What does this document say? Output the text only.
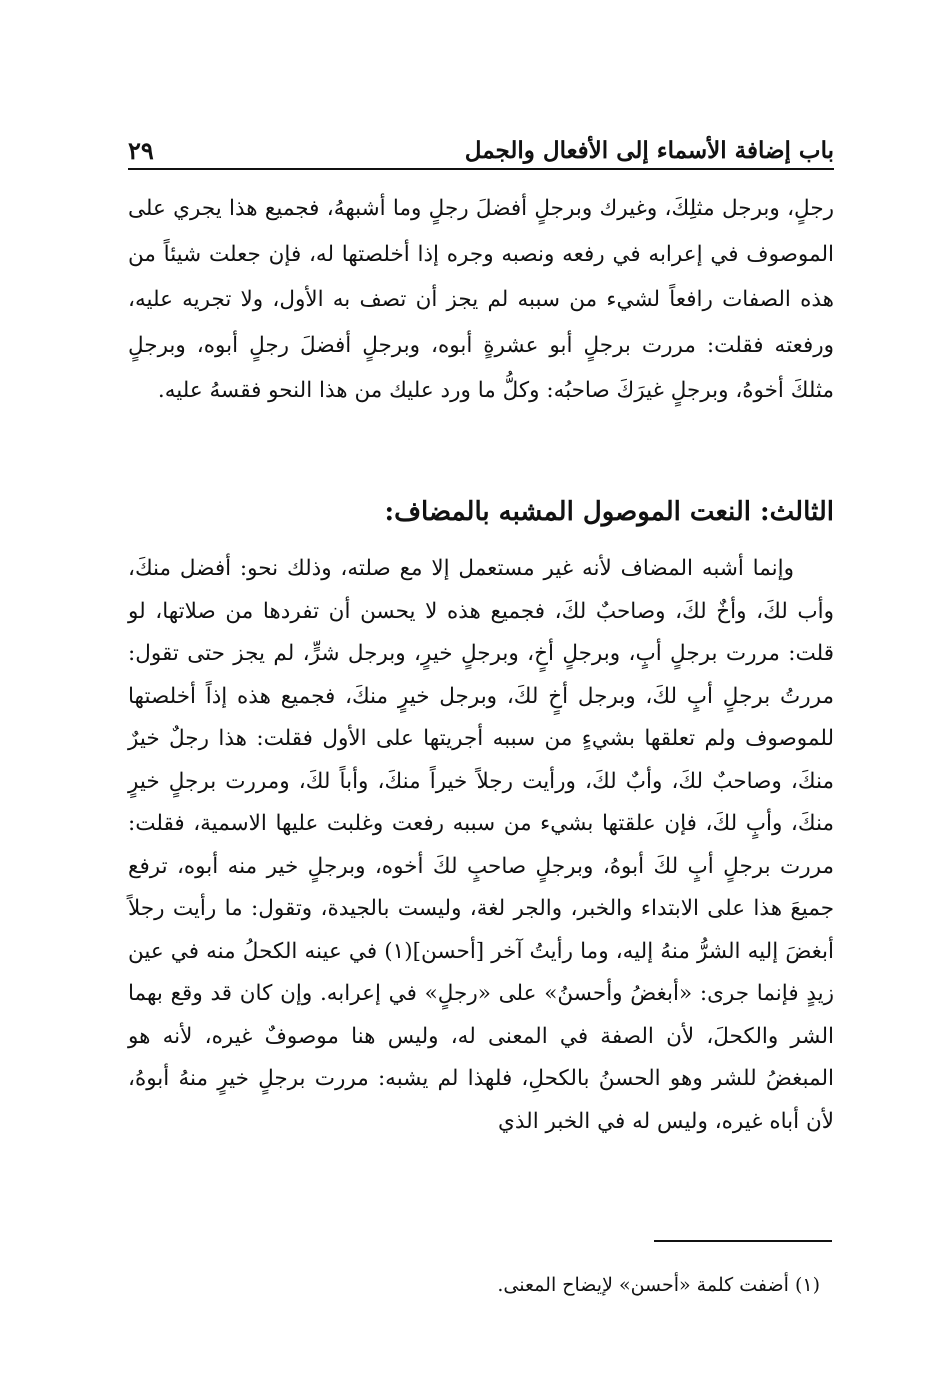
باب إضافة الأسماء إلى الأفعال والجمل
٢٩

رجلٍ، وبرجل مثلِكَ، وغيرك وبرجلٍ أفضلَ رجلٍ وما أشبههُ، فجميع هذا يجري على الموصوف في إعرابه في رفعه ونصبه وجره إذا أخلصتها له، فإن جعلت شيئاً من هذه الصفات رافعاً لشيء من سببه لم يجز أن تصف به الأول، ولا تجريه عليه، ورفعته فقلت: مررت برجلٍ أبو عشرةٍ أبوه، وبرجلٍ أفضلَ رجلٍ أبوه، وبرجلٍ مثلكَ أخوهُ، وبرجلٍ غيرَكَ صاحبُه: وكلُّ ما ورد عليك من هذا النحو فقسهُ عليه.

الثالث: النعت الموصول المشبه بالمضاف:

وإنما أشبه المضاف لأنه غير مستعمل إلا مع صلته، وذلك نحو: أفضل منكَ، وأب لكَ، وأخٌ لكَ، وصاحبٌ لكَ، فجميع هذه لا يحسن أن تفردها من صلاتها، لو قلت: مررت برجلٍ أبٍ، وبرجلٍ أخٍ، وبرجلٍ خيرٍ، وبرجل شرٍّ، لم يجز حتى تقول: مررتُ برجلٍ أبٍ لكَ، وبرجل أخٍ لكَ، وبرجل خيرٍ منكَ، فجميع هذه إذاً أخلصتها للموصوف ولم تعلقها بشيءٍ من سببه أجريتها على الأول فقلت: هذا رجلٌ خيرٌ منكَ، وصاحبٌ لكَ، وأبٌ لكَ، ورأيت رجلاً خيراً منكَ، وأباً لكَ، ومررت برجلٍ خيرٍ منكَ، وأبٍ لكَ، فإن علقتها بشيء من سببه رفعت وغلبت عليها الاسمية، فقلت: مررت برجلٍ أبٍ لكَ أبوهُ، وبرجلٍ صاحبٍ لكَ أخوه، وبرجلٍ خير منه أبوه، ترفع جميعَ هذا على الابتداء والخبر، والجر لغة، وليست بالجيدة، وتقول: ما رأيت رجلاً أبغضَ إليه الشرُّ منهُ إليه، وما رأيتُ آخر [أحسن](١) في عينه الكحلُ منه في عين زيدٍ فإنما جرى: «أبغضُ وأحسنُ» على «رجلٍ» في إعرابه. وإن كان قد وقع بهما الشر والكحلَ، لأن الصفة في المعنى له، وليس هنا موصوفٌ غيره، لأنه هو المبغضُ للشر وهو الحسنُ بالكحلِ، فلهذا لم يشبه: مررت برجلٍ خيرٍ منهُ أبوهُ، لأن أباه غيره، وليس له في الخبر الذي

(١) أضفت كلمة «أحسن» لإيضاح المعنى.
